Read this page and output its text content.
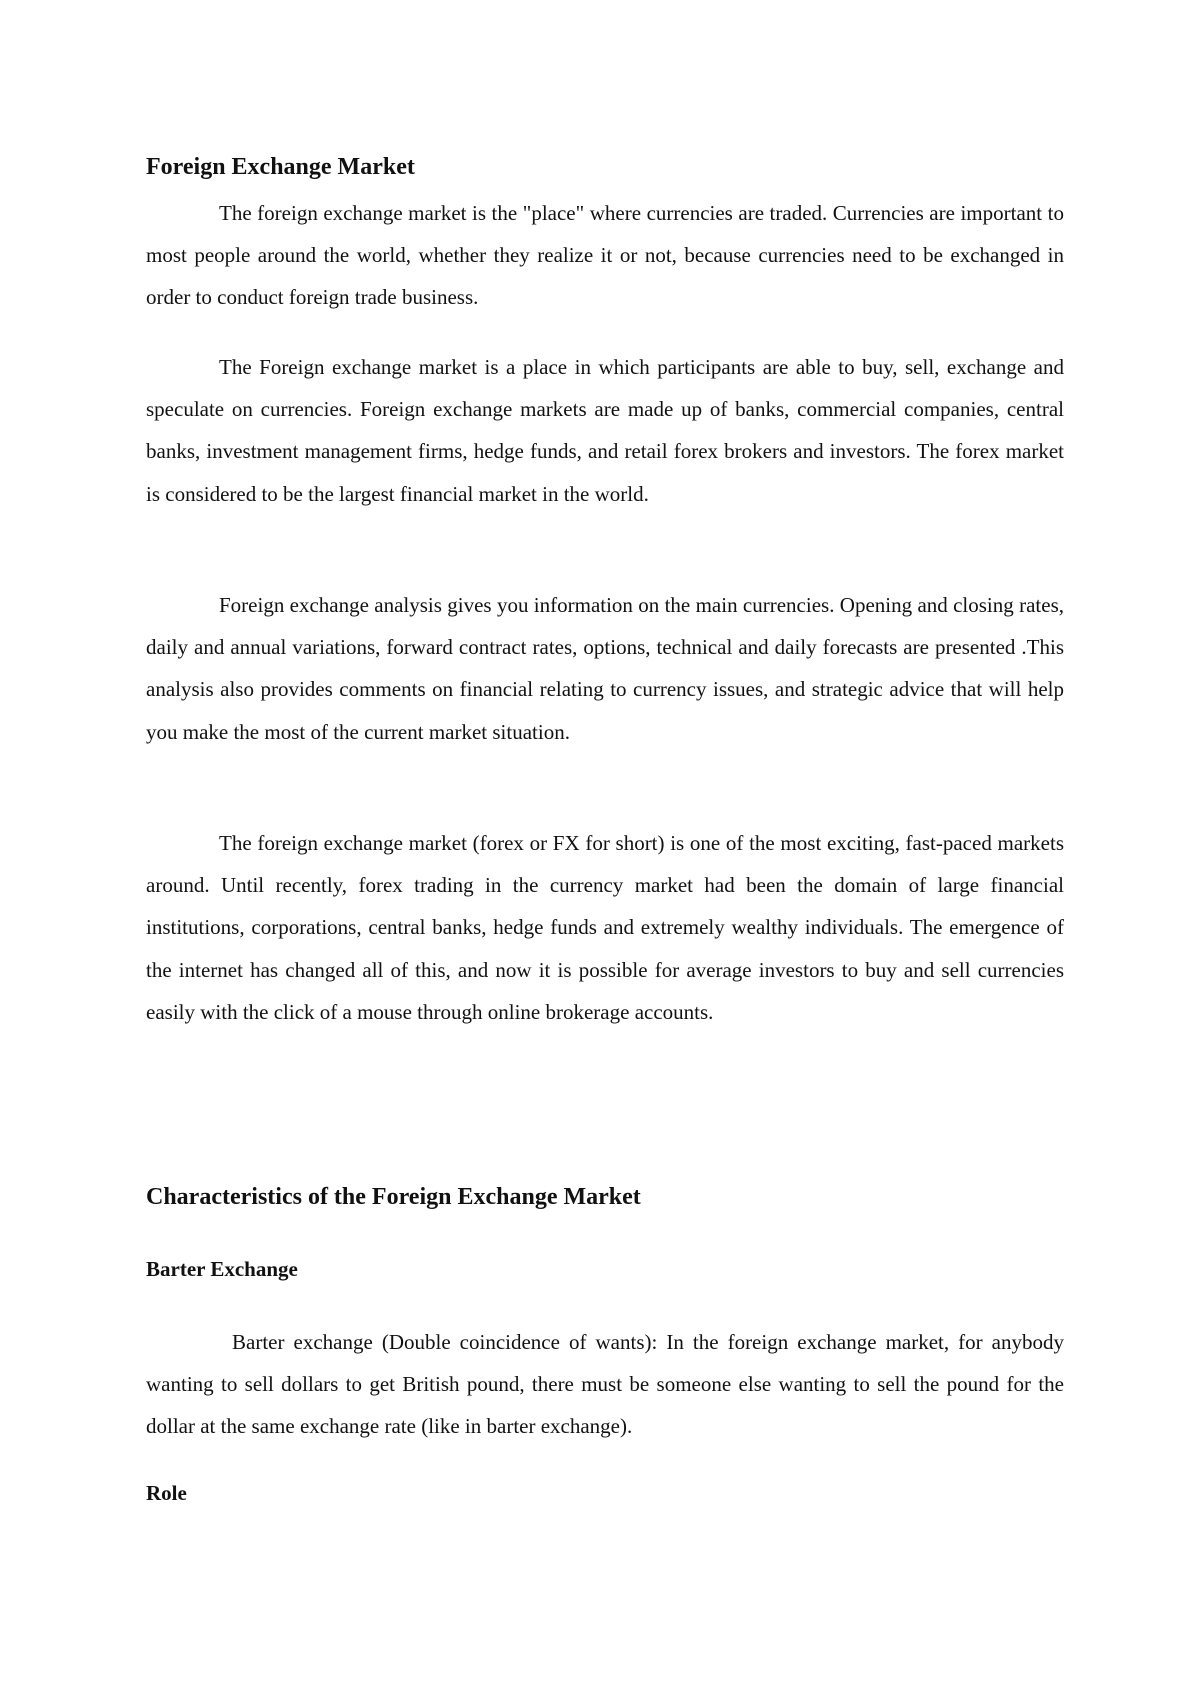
Foreign Exchange Market

The foreign exchange market is the "place" where currencies are traded. Currencies are important to most people around the world, whether they realize it or not, because currencies need to be exchanged in order to conduct foreign trade business.

The Foreign exchange market is a place in which participants are able to buy, sell, exchange and speculate on currencies. Foreign exchange markets are made up of banks, commercial companies, central banks, investment management firms, hedge funds, and retail forex brokers and investors. The forex market is considered to be the largest financial market in the world.

Foreign exchange analysis gives you information on the main currencies. Opening and closing rates, daily and annual variations, forward contract rates, options, technical and daily forecasts are presented .This analysis also provides comments on financial relating to currency issues, and strategic advice that will help you make the most of the current market situation.

The foreign exchange market (forex or FX for short) is one of the most exciting, fast-paced markets around. Until recently, forex trading in the currency market had been the domain of large financial institutions, corporations, central banks, hedge funds and extremely wealthy individuals. The emergence of the internet has changed all of this, and now it is possible for average investors to buy and sell currencies easily with the click of a mouse through online brokerage accounts.

Characteristics of the Foreign Exchange Market
Barter Exchange

Barter exchange (Double coincidence of wants): In the foreign exchange market, for anybody wanting to sell dollars to get British pound, there must be someone else wanting to sell the pound for the dollar at the same exchange rate (like in barter exchange).

Role
